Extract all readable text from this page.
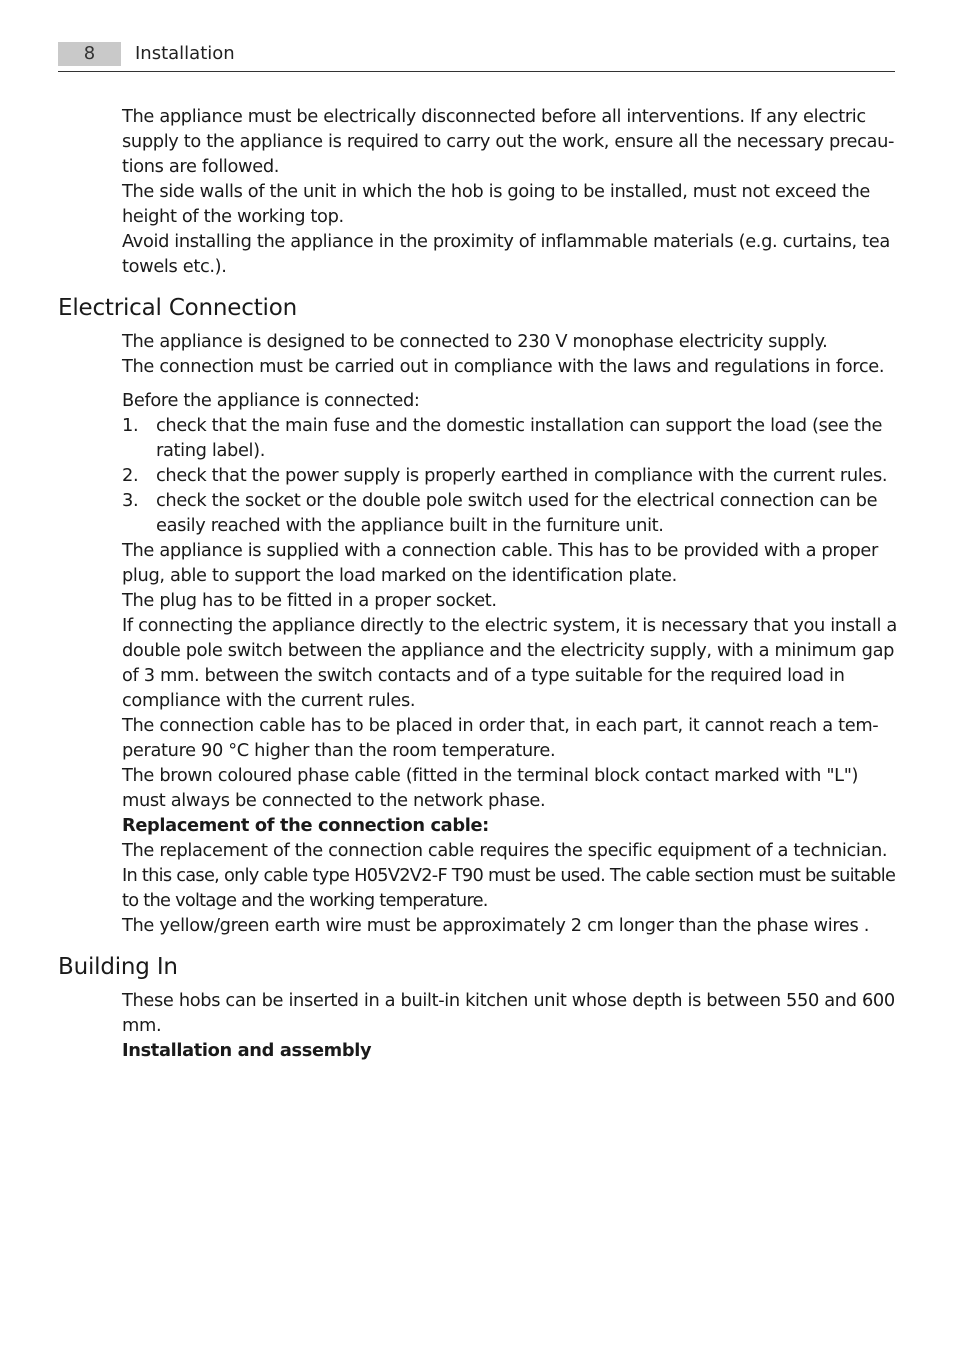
8	Installation

The appliance must be electrically disconnected before all interventions. If any electric supply to the appliance is required to carry out the work, ensure all the necessary precau-tions are followed.

The side walls of the unit in which the hob is going to be installed, must not exceed the height of the working top.

Avoid installing the appliance in the proximity of inflammable materials (e.g. curtains, tea towels etc.).

Electrical Connection

The appliance is designed to be connected to 230 V monophase electricity supply.

The connection must be carried out in compliance with the laws and regulations in force.

Before the appliance is connected:
1. check that the main fuse and the domestic installation can support the load (see the rating label).
2. check that the power supply is properly earthed in compliance with the current rules.
3. check the socket or the double pole switch used for the electrical connection can be easily reached with the appliance built in the furniture unit.

The appliance is supplied with a connection cable. This has to be provided with a proper plug, able to support the load marked on the identification plate.

The plug has to be fitted in a proper socket.

If connecting the appliance directly to the electric system, it is necessary that you install a double pole switch between the appliance and the electricity supply, with a minimum gap of 3 mm. between the switch contacts and of a type suitable for the required load in compliance with the current rules.

The connection cable has to be placed in order that, in each part, it cannot reach a tem-perature 90 °C higher than the room temperature.

The brown coloured phase cable (fitted in the terminal block contact marked with "L") must always be connected to the network phase.

Replacement of the connection cable:

The replacement of the connection cable requires the specific equipment of a technician.

In this case, only cable type H05V2V2-F T90 must be used. The cable section must be suitable to the voltage and the working temperature.

The yellow/green earth wire must be approximately 2 cm longer than the phase wires .

Building In

These hobs can be inserted in a built-in kitchen unit whose depth is between 550 and 600 mm.

Installation and assembly
